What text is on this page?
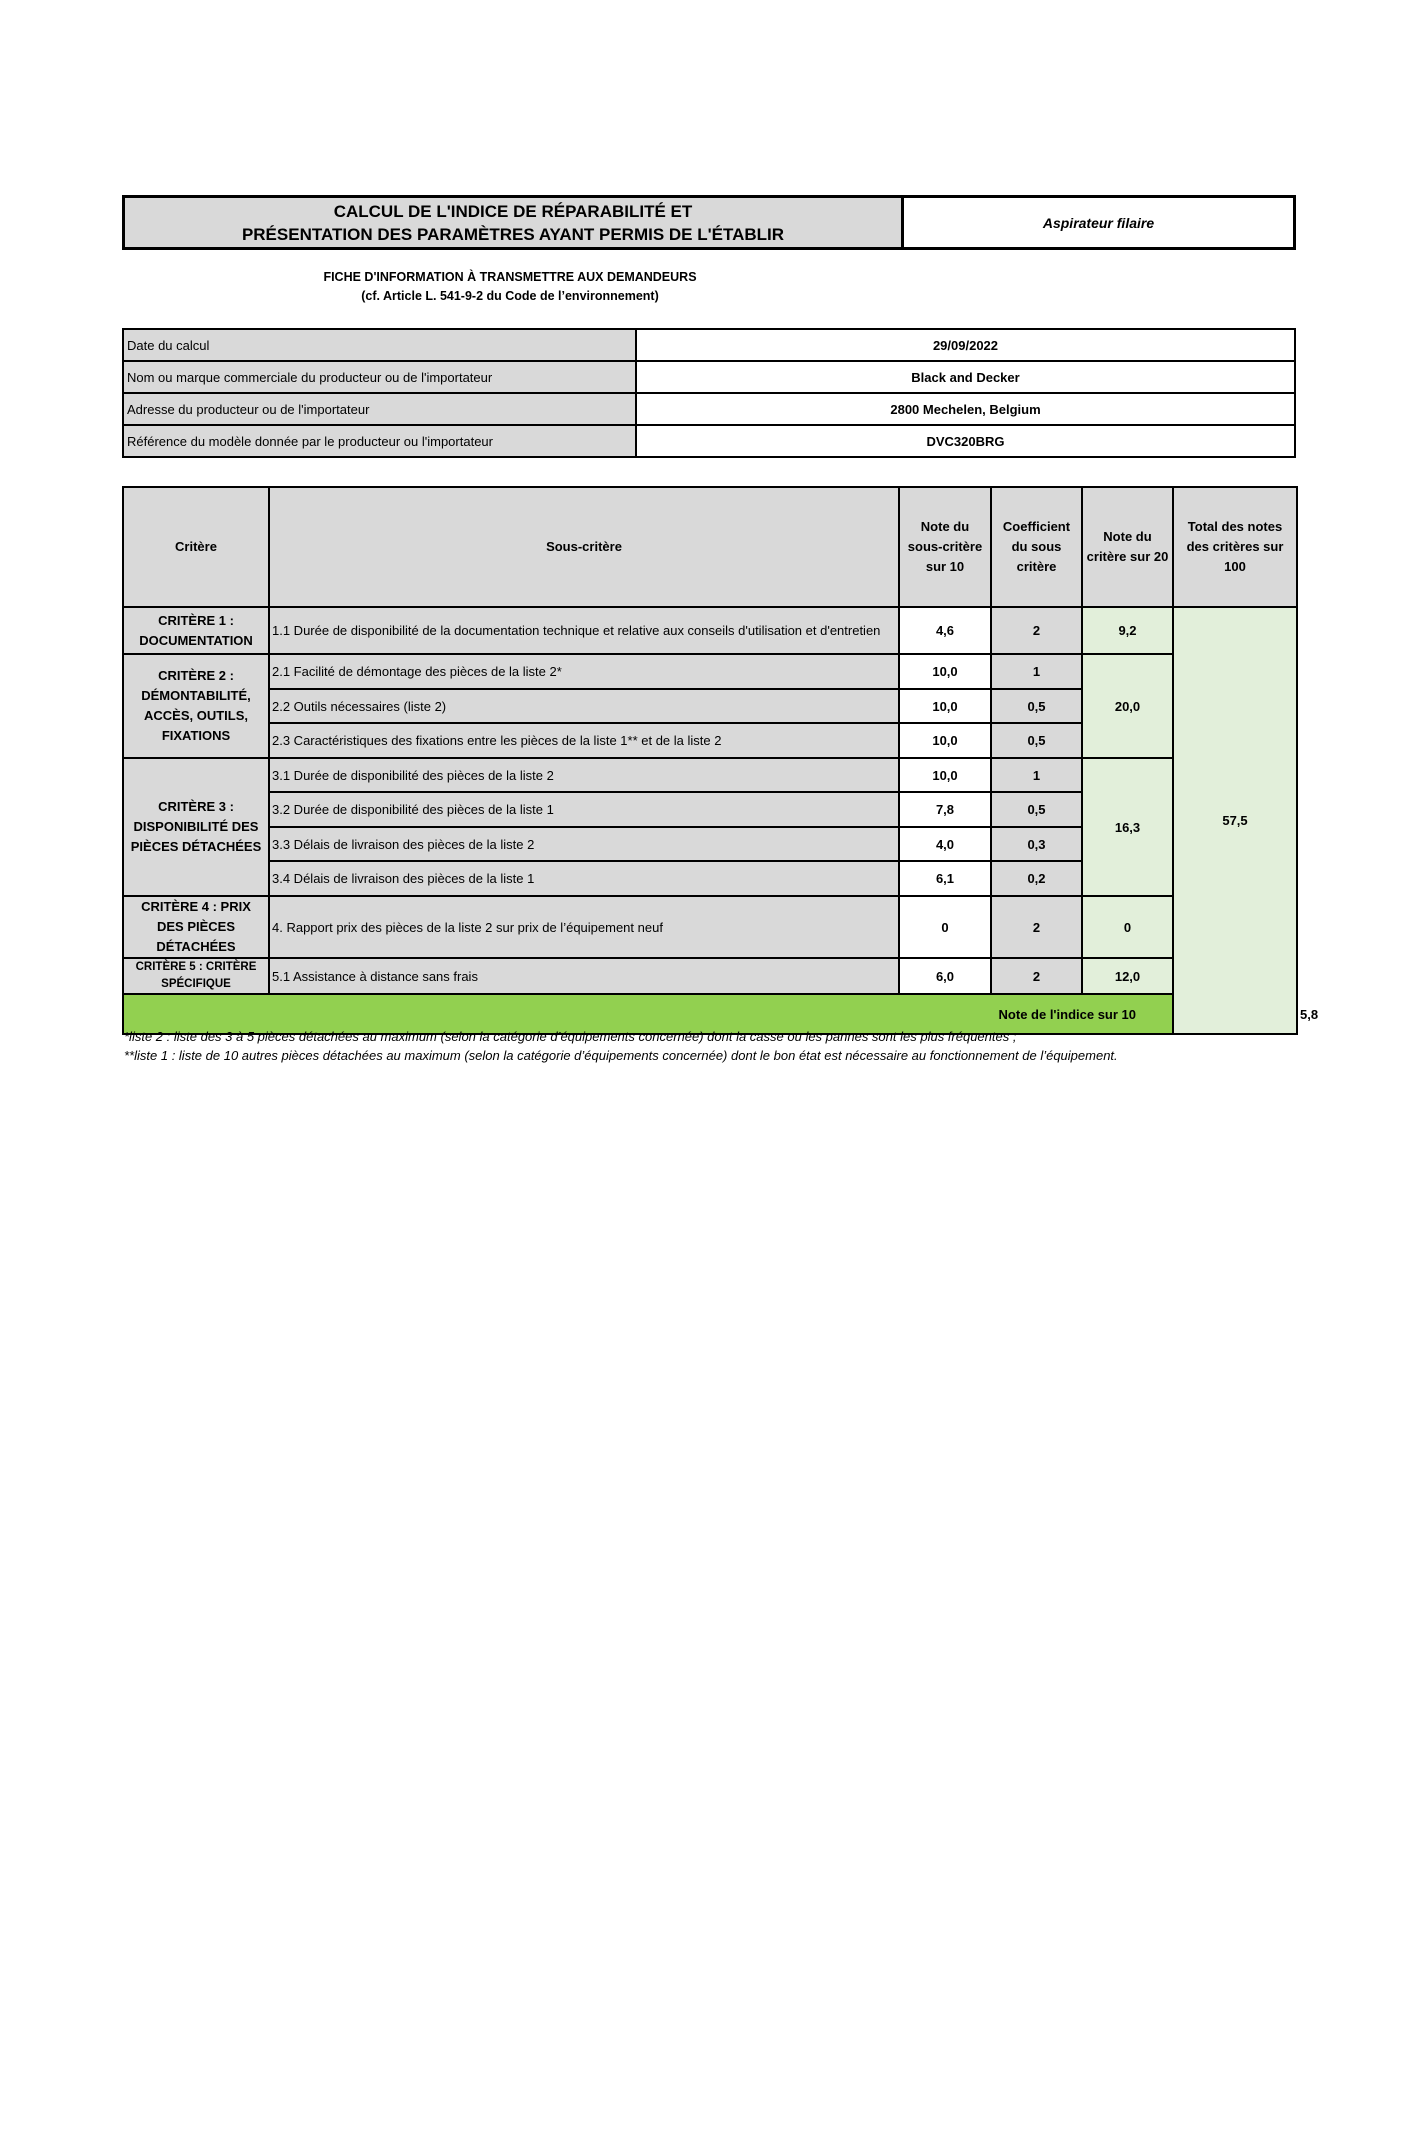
CALCUL DE L'INDICE DE RÉPARABILITÉ ET
PRÉSENTATION DES PARAMÈTRES AYANT PERMIS DE L'ÉTABLIR
Aspirateur filaire
FICHE D'INFORMATION À TRANSMETTRE AUX DEMANDEURS
(cf. Article L. 541-9-2 du Code de l’environnement)
Date du calcul	29/09/2022
Nom ou marque commerciale du producteur ou de l'importateur	Black and Decker
Adresse du producteur ou de l'importateur	2800 Mechelen, Belgium
Référence du modèle donnée par le producteur ou l'importateur	DVC320BRG
Critère	Sous-critère	Note du sous-critère sur 10	Coefficient du sous critère	Note du critère sur 20	Total des notes des critères sur 100	
CRITÈRE 1 : DOCUMENTATION	1.1 Durée de disponibilité de la documentation technique et relative aux conseils d'utilisation et d'entretien	4,6	2	9,2	57,5	
CRITÈRE 2 : DÉMONTABILITÉ, ACCÈS, OUTILS, FIXATIONS	2.1 Facilité de démontage des pièces de la liste 2*	10,0	1	20,0		
	2.2 Outils nécessaires (liste 2)	10,0	0,5			
	2.3 Caractéristiques des fixations entre les pièces de la liste 1** et de la liste 2	10,0	0,5			
CRITÈRE 3 : DISPONIBILITÉ DES PIÈCES DÉTACHÉES	3.1 Durée de disponibilité des pièces de la liste 2	10,0	1	16,3		
	3.2 Durée de disponibilité des pièces de la liste 1	7,8	0,5			
	3.3 Délais de livraison des pièces de la liste 2	4,0	0,3			
	3.4 Délais de livraison des pièces de la liste 1	6,1	0,2			
CRITÈRE 4 : PRIX DES PIÈCES DÉTACHÉES	4. Rapport prix des pièces de la liste 2 sur prix de l’équipement neuf	0	2	0		
CRITÈRE 5 : CRITÈRE SPÉCIFIQUE	5.1 Assistance à distance sans frais	6,0	2	12,0		
Note de l'indice sur 10						5,8
*liste 2 : liste des 3 à 5 pièces détachées au maximum (selon la catégorie d’équipements concernée) dont la casse ou les pannes sont les plus fréquentes ;
**liste 1 : liste de 10 autres pièces détachées au maximum (selon la catégorie d’équipements concernée) dont le bon état est nécessaire au fonctionnement de l’équipement.
